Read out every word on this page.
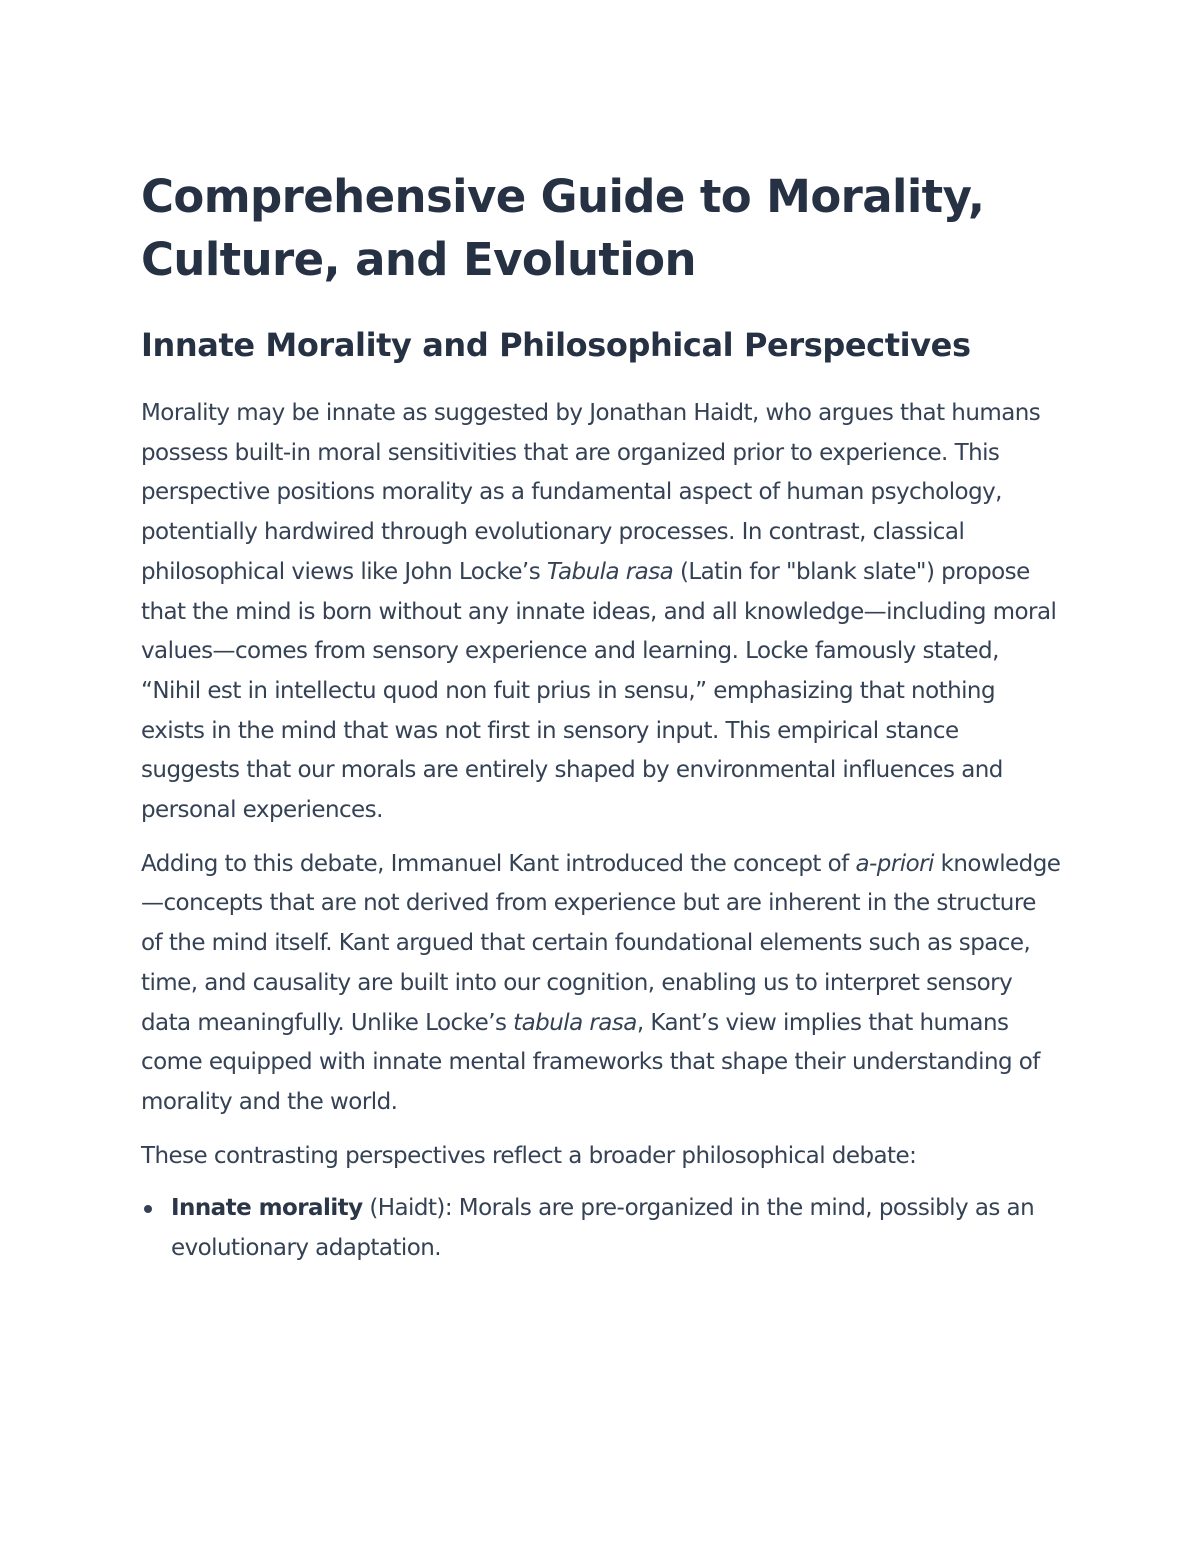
Comprehensive Guide to Morality, Culture, and Evolution
Innate Morality and Philosophical Perspectives

Morality may be innate as suggested by Jonathan Haidt, who argues that humans possess built-in moral sensitivities that are organized prior to experience. This perspective positions morality as a fundamental aspect of human psychology, potentially hardwired through evolutionary processes. In contrast, classical philosophical views like John Locke’s Tabula rasa (Latin for "blank slate") propose that the mind is born without any innate ideas, and all knowledge—including moral values—comes from sensory experience and learning. Locke famously stated, “Nihil est in intellectu quod non fuit prius in sensu,” emphasizing that nothing exists in the mind that was not first in sensory input. This empirical stance suggests that our morals are entirely shaped by environmental influences and personal experiences.

Adding to this debate, Immanuel Kant introduced the concept of a-priori knowledge—concepts that are not derived from experience but are inherent in the structure of the mind itself. Kant argued that certain foundational elements such as space, time, and causality are built into our cognition, enabling us to interpret sensory data meaningfully. Unlike Locke’s tabula rasa, Kant’s view implies that humans come equipped with innate mental frameworks that shape their understanding of morality and the world.

These contrasting perspectives reflect a broader philosophical debate:

Innate morality (Haidt): Morals are pre-organized in the mind, possibly as an evolutionary adaptation.
